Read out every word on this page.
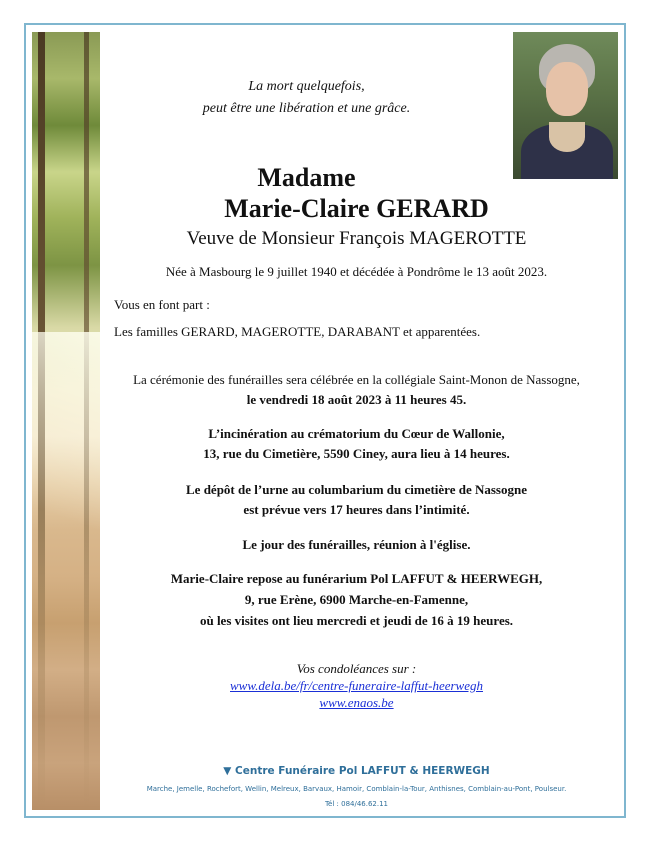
La mort quelquefois,
peut être une libération et une grâce.
Madame
Marie-Claire GERARD
Veuve de Monsieur François MAGEROTTE
Née à Masbourg le 9 juillet 1940 et décédée à Pondrôme le 13 août 2023.
Vous en font part :
Les familles GERARD, MAGEROTTE, DARABANT et apparentées.
La cérémonie des funérailles sera célébrée en la collégiale Saint-Monon de Nassogne,
le vendredi 18 août 2023 à 11 heures 45.
L’incinération au crématorium du Cœur de Wallonie,
13, rue du Cimetière, 5590 Ciney, aura lieu à 14 heures.
Le dépôt de l’urne au columbarium du cimetière de Nassogne
est prévue vers 17 heures dans l’intimité.
Le jour des funérailles, réunion à l'église.
Marie-Claire repose au funérarium Pol LAFFUT & HEERWEGH,
9, rue Erène, 6900 Marche-en-Famenne,
où les visites ont lieu mercredi et jeudi de 16 à 19 heures.
Vos condoléances sur :
www.dela.be/fr/centre-funeraire-laffut-heerwegh
www.enaos.be
▼ Centre Funéraire Pol LAFFUT & HEERWEGH
Marche, Jemelle, Rochefort, Wellin, Melreux, Barvaux, Hamoir, Comblain-la-Tour, Anthisnes, Comblain-au-Pont, Poulseur.
Tél : 084/46.62.11
